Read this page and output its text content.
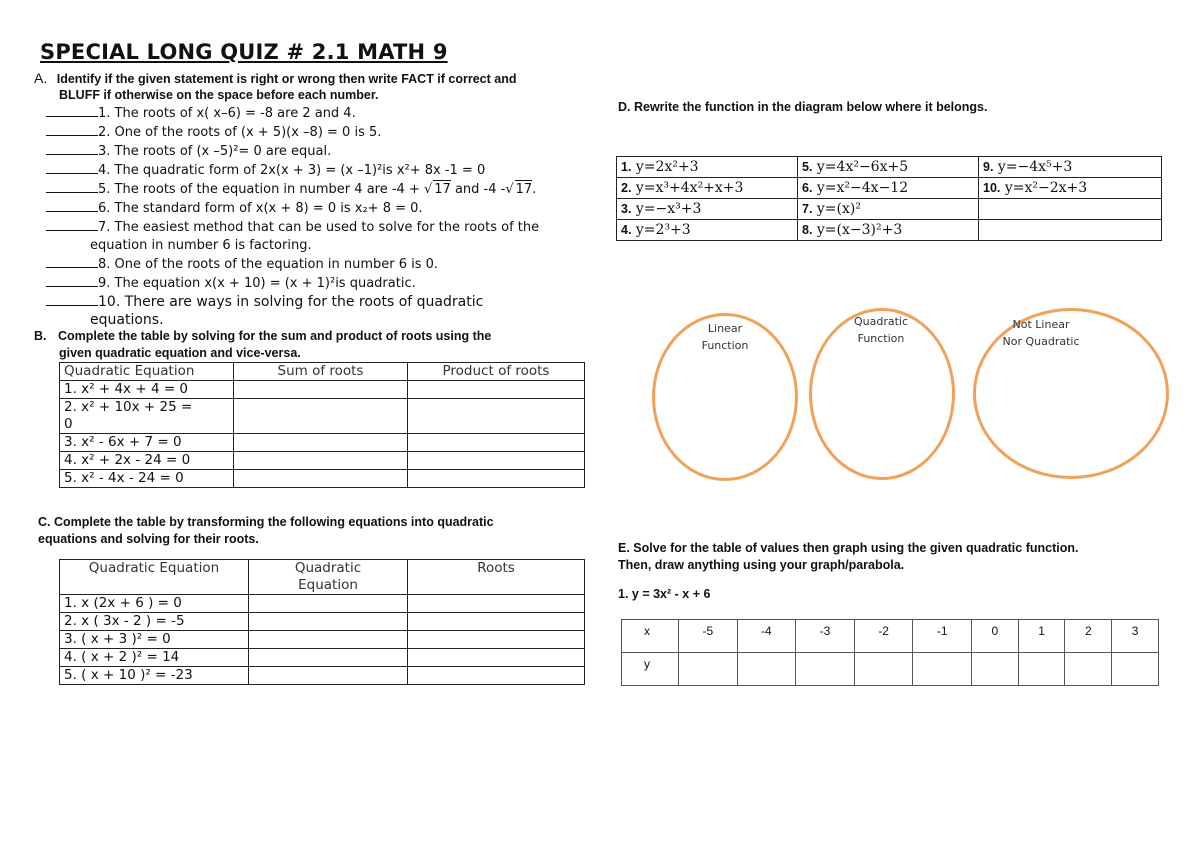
SPECIAL LONG QUIZ # 2.1 MATH 9
A. Identify if the given statement is right or wrong then write FACT if correct and
BLUFF if otherwise on the space before each number.
1. The roots of x( x–6) = -8 are 2 and 4.
2. One of the roots of (x + 5)(x –8) = 0 is 5.
3. The roots of (x –5)²= 0 are equal.
4. The quadratic form of 2x(x + 3) = (x –1)²is x²+ 8x -1 = 0
5. The roots of the equation in number 4 are -4 + √ 17 and -4 -√ 17.
6. The standard form of x(x + 8) = 0 is x₂+ 8 = 0.
7. The easiest method that can be used to solve for the roots of the
equation in number 6 is factoring.
8. One of the roots of the equation in number 6 is 0.
9. The equation x(x + 10) = (x + 1)²is quadratic.
10. There are ways in solving for the roots of quadratic
equations.
B. Complete the table by solving for the sum and product of roots using the
given quadratic equation and vice-versa.
Quadratic Equation	Sum of roots	Product of roots
1. x² + 4x + 4 = 0		

2. x² + 10x + 25 =
0		

3. x² - 6x + 7 = 0		
4. x² + 2x - 24 = 0		
5. x² - 4x - 24 = 0		
C. Complete the table by transforming the following equations into quadratic
equations and solving for their roots.
Quadratic Equation	Quadratic
Equation	Roots
1. x (2x + 6 ) = 0		
2. x ( 3x - 2 ) = -5		
3. ( x + 3 )² = 0		
4. ( x + 2 )² = 14		
5. ( x + 10 )² = -23		
D. Rewrite the function in the diagram below where it belongs.
1. y=2x²+3	5. y=4x²−6x+5	9. y=−4x⁵+3
2. y=x³+4x²+x+3	6. y=x²−4x−12	10. y=x²−2x+3
3. y=−x³+3	7. y=(x)²	
4. y=2³+3	8. y=(x−3)²+3	
Linear
Function
Quadratic
Function
Not Linear
Nor Quadratic
E. Solve for the table of values then graph using the given quadratic function.
Then, draw anything using your graph/parabola.
1. y = 3x² - x + 6
x	-5	-4	-3	-2	-1	0	1	2	3
y									
